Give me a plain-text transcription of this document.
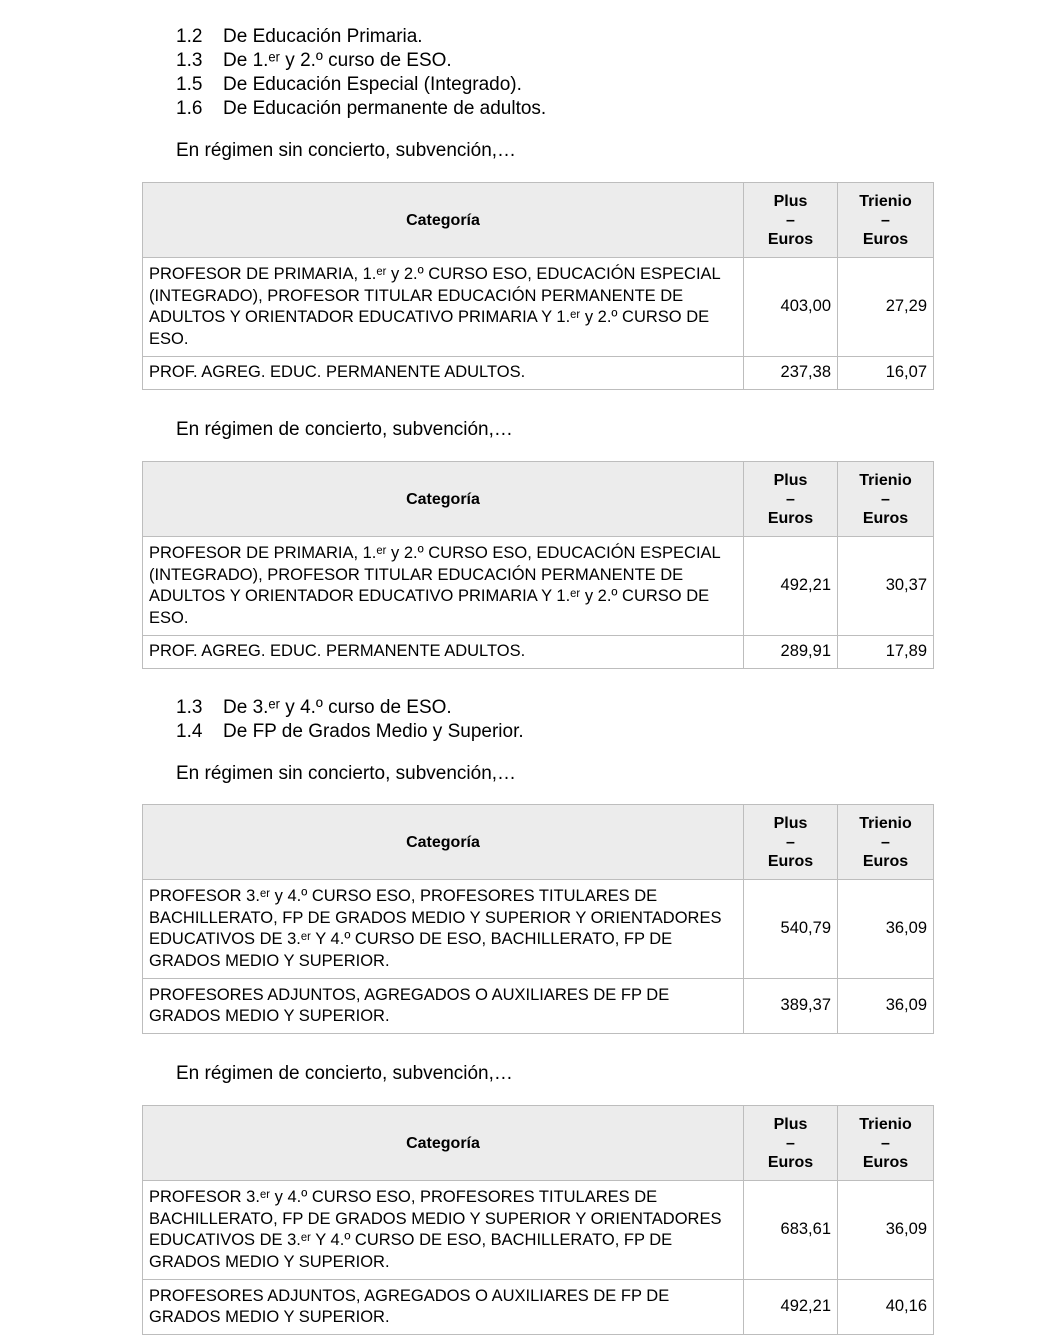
1.2	De Educación Primaria.
1.3	De 1.ᵉʳ y 2.º curso de ESO.
1.5	De Educación Especial (Integrado).
1.6	De Educación permanente de adultos.

En régimen sin concierto, subvención,…

Categoría	Plus
–
Euros	Trienio
–
Euros

PROFESOR DE PRIMARIA, 1.ᵉʳ y 2.º CURSO ESO, EDUCACIÓN ESPECIAL (INTEGRADO), PROFESOR TITULAR EDUCACIÓN PERMANENTE DE ADULTOS Y ORIENTADOR EDUCATIVO PRIMARIA Y 1.ᵉʳ y 2.º CURSO DE ESO.	403,00	27,29
PROF. AGREG. EDUC. PERMANENTE ADULTOS.	237,38	16,07

En régimen de concierto, subvención,…

Categoría	Plus
–
Euros	Trienio
–
Euros

PROFESOR DE PRIMARIA, 1.ᵉʳ y 2.º CURSO ESO, EDUCACIÓN ESPECIAL (INTEGRADO), PROFESOR TITULAR EDUCACIÓN PERMANENTE DE ADULTOS Y ORIENTADOR EDUCATIVO PRIMARIA Y 1.ᵉʳ y 2.º CURSO DE ESO.	492,21	30,37
PROF. AGREG. EDUC. PERMANENTE ADULTOS.	289,91	17,89
1.3	De 3.ᵉʳ y 4.º curso de ESO.
1.4	De FP de Grados Medio y Superior.

En régimen sin concierto, subvención,…

Categoría	Plus
–
Euros	Trienio
–
Euros

PROFESOR 3.ᵉʳ y 4.º CURSO ESO, PROFESORES TITULARES DE BACHILLERATO, FP DE GRADOS MEDIO Y SUPERIOR Y ORIENTADORES EDUCATIVOS DE 3.ᵉʳ Y 4.º CURSO DE ESO, BACHILLERATO, FP DE GRADOS MEDIO Y SUPERIOR.	540,79	36,09
PROFESORES ADJUNTOS, AGREGADOS O AUXILIARES DE FP DE GRADOS MEDIO Y SUPERIOR.	389,37	36,09

En régimen de concierto, subvención,…

Categoría	Plus
–
Euros	Trienio
–
Euros

PROFESOR 3.ᵉʳ y 4.º CURSO ESO, PROFESORES TITULARES DE BACHILLERATO, FP DE GRADOS MEDIO Y SUPERIOR Y ORIENTADORES EDUCATIVOS DE 3.ᵉʳ Y 4.º CURSO DE ESO, BACHILLERATO, FP DE GRADOS MEDIO Y SUPERIOR.	683,61	36,09
PROFESORES ADJUNTOS, AGREGADOS O AUXILIARES DE FP DE GRADOS MEDIO Y SUPERIOR.	492,21	40,16
